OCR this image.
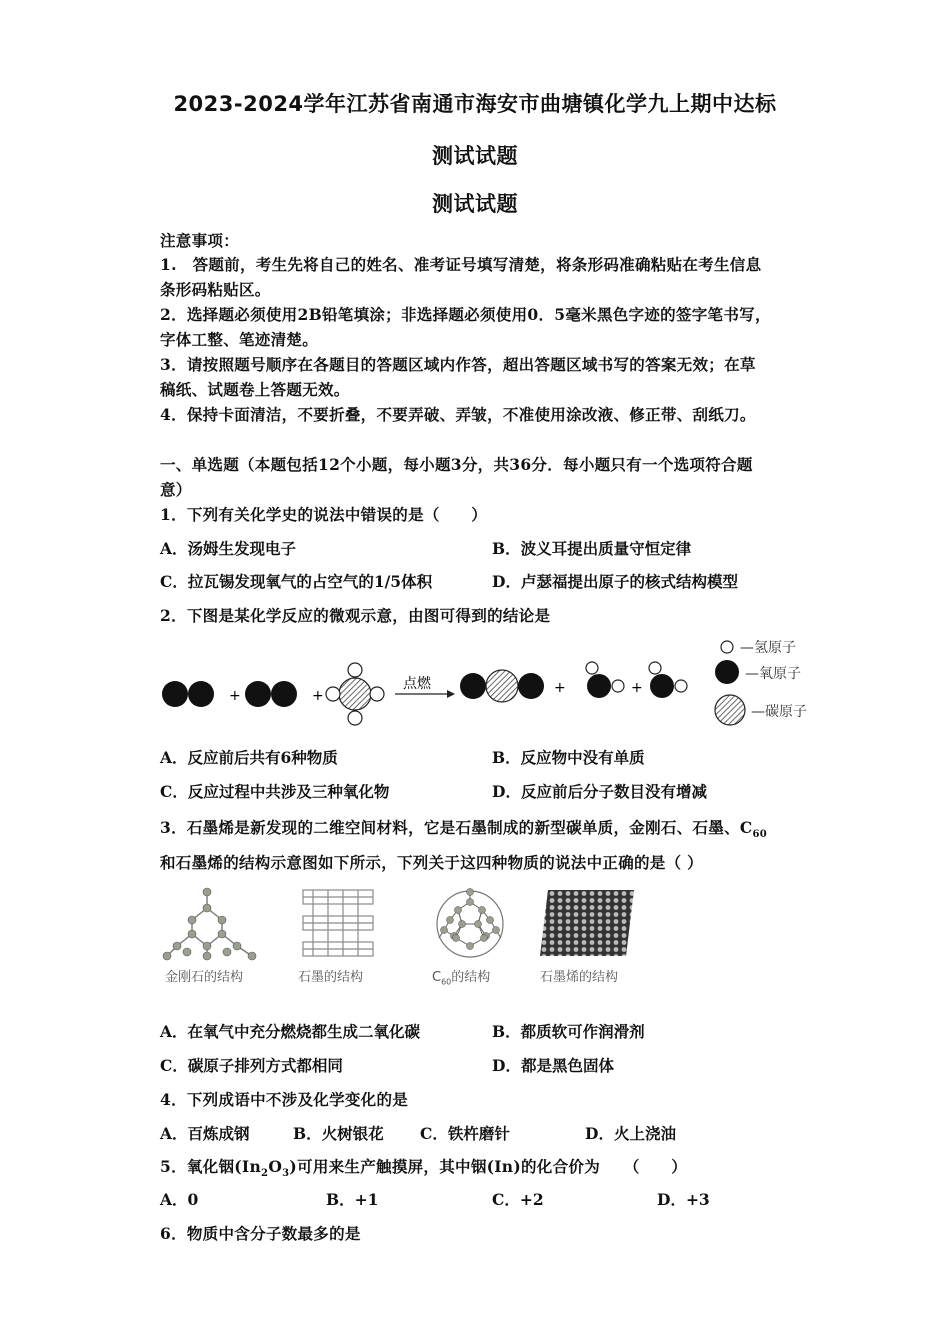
2023-2024学年江苏省南通市海安市曲塘镇化学九上期中达标
测试试题
测试试题
注意事项：
1.　答题前，考生先将自己的姓名、准考证号填写清楚，将条形码准确粘贴在考生信息
条形码粘贴区。
2．选择题必须使用2B铅笔填涂；非选择题必须使用0．5毫米黑色字迹的签字笔书写，
字体工整、笔迹清楚。
3．请按照题号顺序在各题目的答题区域内作答，超出答题区域书写的答案无效；在草
稿纸、试题卷上答题无效。
4．保持卡面清洁，不要折叠，不要弄破、弄皱，不准使用涂改液、修正带、刮纸刀。
一、单选题（本题包括12个小题，每小题3分，共36分．每小题只有一个选项符合题
意）
1．下列有关化学史的说法中错误的是（　　）
A．汤姆生发现电子	B．波义耳提出质量守恒定律
C．拉瓦锡发现氧气的占空气的1/5体积	D．卢瑟福提出原子的核式结构模型
2．下图是某化学反应的微观示意，由图可得到的结论是
+	+
点燃	+	+
—氢原子
—氧原子
—碳原子
A．反应前后共有6种物质	B．反应物中没有单质
C．反应过程中共涉及三种氧化物	D．反应前后分子数目没有增减
3．石墨烯是新发现的二维空间材料，它是石墨制成的新型碳单质，金刚石、石墨、$C_{60}$
和石墨烯的结构示意图如下所示，下列关于这四种物质的说法中正确的是（ ）
金刚石的结构	石墨的结构	$C_{60}$的结构	石墨烯的结构
A．在氧气中充分燃烧都生成二氧化碳	B．都质软可作润滑剂
C．碳原子排列方式都相同	D．都是黑色固体
4．下列成语中不涉及化学变化的是
A．百炼成钢	B．火树银花 C．铁杵磨针	D．火上浇油
5．氧化铟$(In_2O_3)$可用来生产触摸屏，其中铟(In)的化合价为　　（　　）
A．0	B．+1	C．+2	D．+3
6．物质中含分子数最多的是
